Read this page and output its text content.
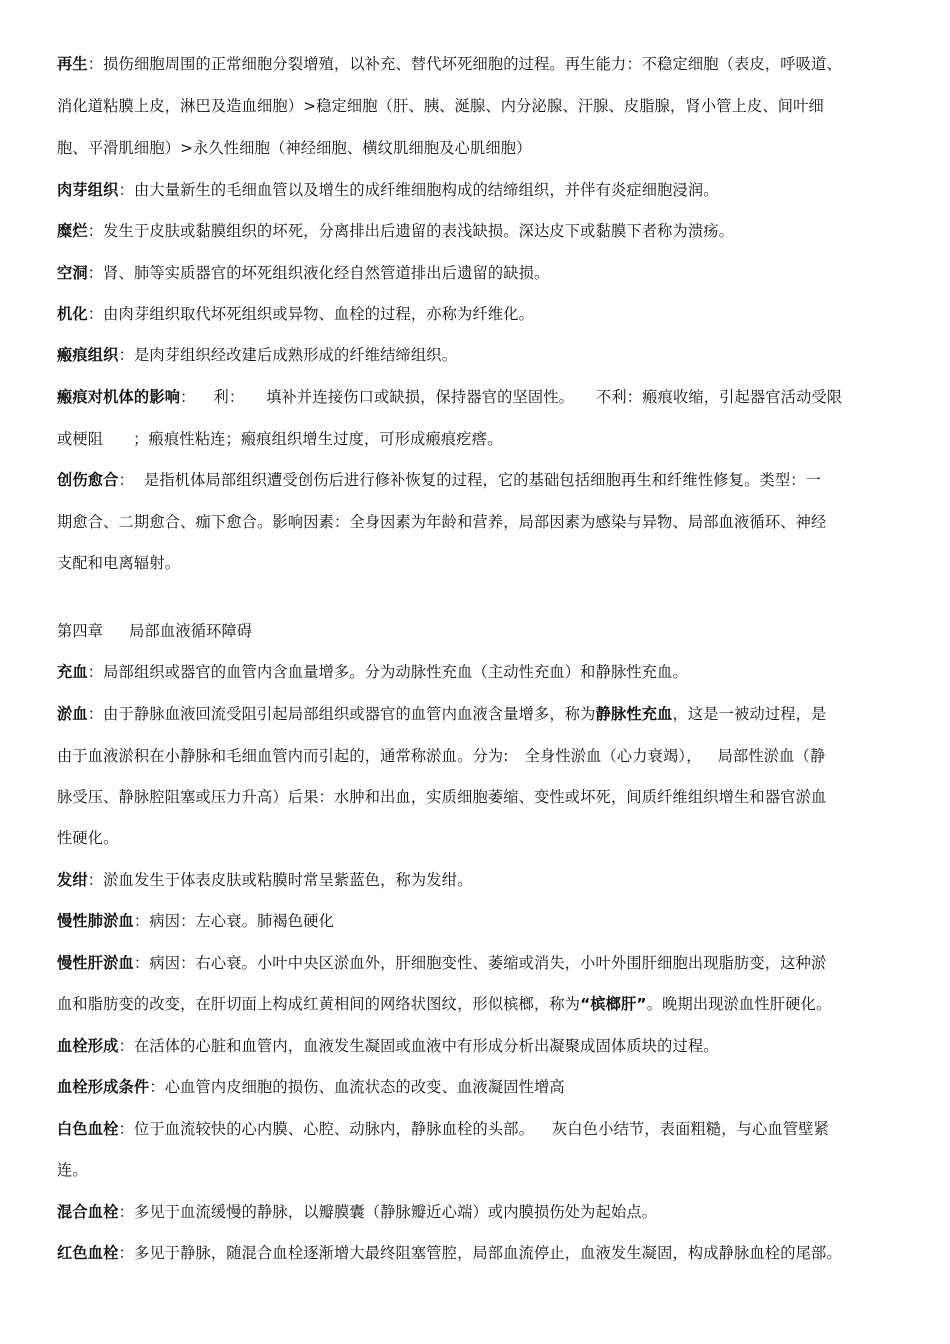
再生：损伤细胞周围的正常细胞分裂增殖，以补充、替代坏死细胞的过程。再生能力：不稳定细胞（表皮，呼吸道、
消化道粘膜上皮，淋巴及造血细胞）>稳定细胞（肝、胰、涎腺、内分泌腺、汗腺、皮脂腺，肾小管上皮、间叶细
胞、平滑肌细胞）>永久性细胞（神经细胞、横纹肌细胞及心肌细胞）
肉芽组织：由大量新生的毛细血管以及增生的成纤维细胞构成的结缔组织，并伴有炎症细胞浸润。
糜烂：发生于皮肤或黏膜组织的坏死，分离排出后遗留的表浅缺损。深达皮下或黏膜下者称为溃疡。
空洞：肾、肺等实质器官的坏死组织液化经自然管道排出后遗留的缺损。
机化：由肉芽组织取代坏死组织或异物、血栓的过程，亦称为纤维化。
瘢痕组织：是肉芽组织经改建后成熟形成的纤维结缔组织。
瘢痕对机体的影响： 利： 填补并连接伤口或缺损，保持器官的坚固性。 不利：瘢痕收缩，引起器官活动受限
或梗阻 ；瘢痕性粘连；瘢痕组织增生过度，可形成瘢痕疙瘩。
创伤愈合： 是指机体局部组织遭受创伤后进行修补恢复的过程，它的基础包括细胞再生和纤维性修复。类型：一
期愈合、二期愈合、痂下愈合。影响因素：全身因素为年龄和营养，局部因素为感染与异物、局部血液循环、神经
支配和电离辐射。
第四章 局部血液循环障碍
充血：局部组织或器官的血管内含血量增多。分为动脉性充血（主动性充血）和静脉性充血。
淤血：由于静脉血液回流受阻引起局部组织或器官的血管内血液含量增多，称为静脉性充血，这是一被动过程，是
由于血液淤积在小静脉和毛细血管内而引起的，通常称淤血。分为: 全身性淤血（心力衰竭）， 局部性淤血（静
脉受压、静脉腔阻塞或压力升高）后果：水肿和出血，实质细胞萎缩、变性或坏死，间质纤维组织增生和器官淤血
性硬化。
发绀：淤血发生于体表皮肤或粘膜时常呈紫蓝色，称为发绀。
慢性肺淤血：病因：左心衰。肺褐色硬化
慢性肝淤血：病因：右心衰。小叶中央区淤血外，肝细胞变性、萎缩或消失，小叶外围肝细胞出现脂肪变，这种淤
血和脂肪变的改变，在肝切面上构成红黄相间的网络状图纹，形似槟榔，称为“槟榔肝”。晚期出现淤血性肝硬化。
血栓形成：在活体的心脏和血管内，血液发生凝固或血液中有形成分析出凝聚成固体质块的过程。
血栓形成条件：心血管内皮细胞的损伤、血流状态的改变、血液凝固性增高
白色血栓：位于血流较快的心内膜、心腔、动脉内，静脉血栓的头部。 灰白色小结节，表面粗糙，与心血管壁紧
连。
混合血栓：多见于血流缓慢的静脉，以瓣膜囊（静脉瓣近心端）或内膜损伤处为起始点。
红色血栓：多见于静脉，随混合血栓逐渐增大最终阻塞管腔，局部血流停止，血液发生凝固，构成静脉血栓的尾部。
